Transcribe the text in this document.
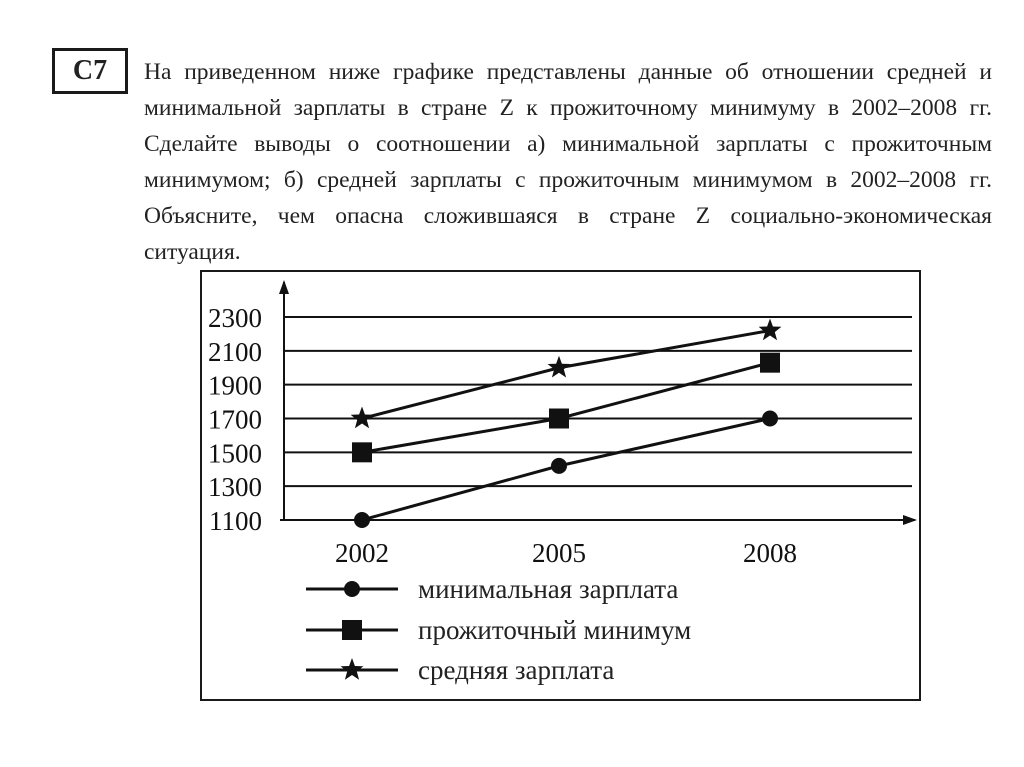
C7 На приведенном ниже графике представлены данные об отношении средней и минимальной зарплаты в стране Z к прожиточному минимуму в 2002–2008 гг. Сделайте выводы о соотношении а) минимальной зарплаты с прожиточным минимумом; б) средней зарплаты с прожиточным минимумом в 2002–2008 гг. Объясните, чем опасна сложившаяся в стране Z социально-экономическая ситуация.
2300
2100
1900
1700
1500
1300
1100
2002	2005	2008
минимальная зарплата
прожиточный минимум
средняя зарплата
